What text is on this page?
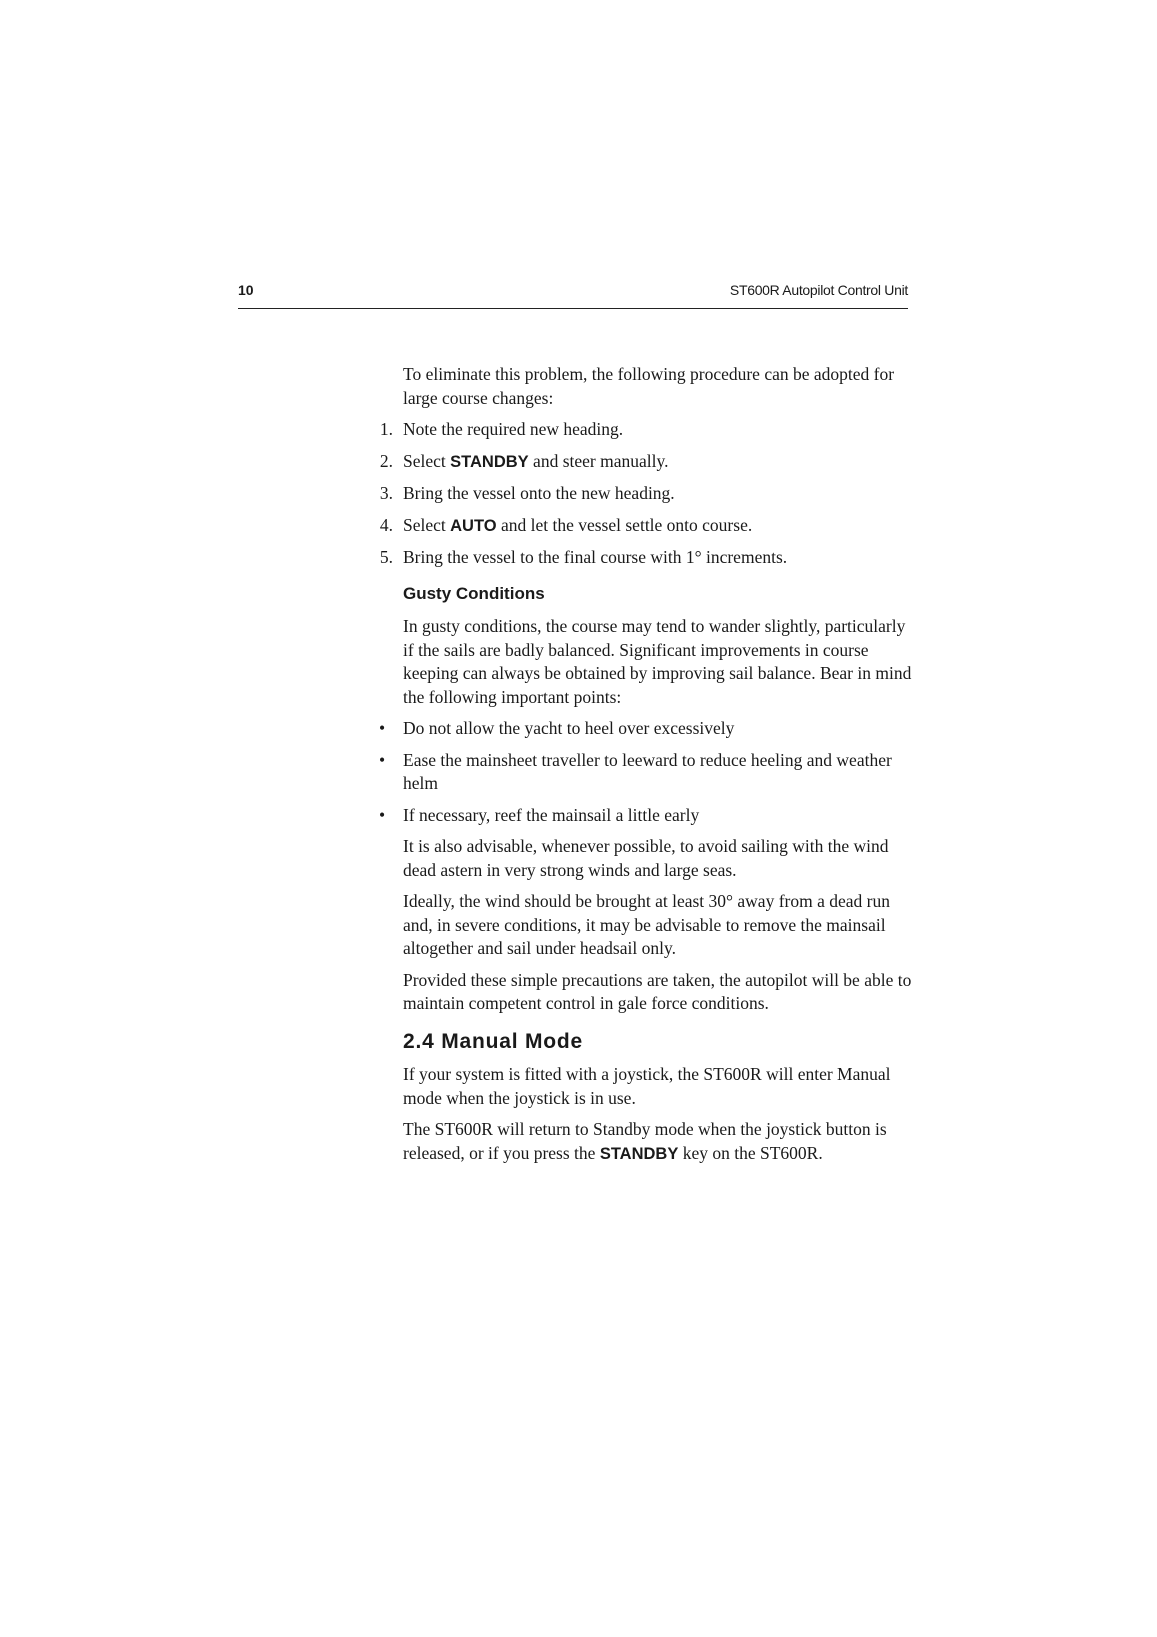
10	ST600R Autopilot Control Unit

To eliminate this problem, the following procedure can be adopted for large course changes:

1. Note the required new heading.
2. Select STANDBY and steer manually.
3. Bring the vessel onto the new heading.
4. Select AUTO and let the vessel settle onto course.
5. Bring the vessel to the final course with 1° increments.
Gusty Conditions

In gusty conditions, the course may tend to wander slightly, particularly if the sails are badly balanced. Significant improvements in course keeping can always be obtained by improving sail balance. Bear in mind the following important points:

• Do not allow the yacht to heel over excessively
• Ease the mainsheet traveller to leeward to reduce heeling and weather helm
• If necessary, reef the mainsail a little early

It is also advisable, whenever possible, to avoid sailing with the wind dead astern in very strong winds and large seas.

Ideally, the wind should be brought at least 30° away from a dead run and, in severe conditions, it may be advisable to remove the mainsail altogether and sail under headsail only.

Provided these simple precautions are taken, the autopilot will be able to maintain competent control in gale force conditions.

2.4 Manual Mode

If your system is fitted with a joystick, the ST600R will enter Manual mode when the joystick is in use.

The ST600R will return to Standby mode when the joystick button is released, or if you press the STANDBY key on the ST600R.
